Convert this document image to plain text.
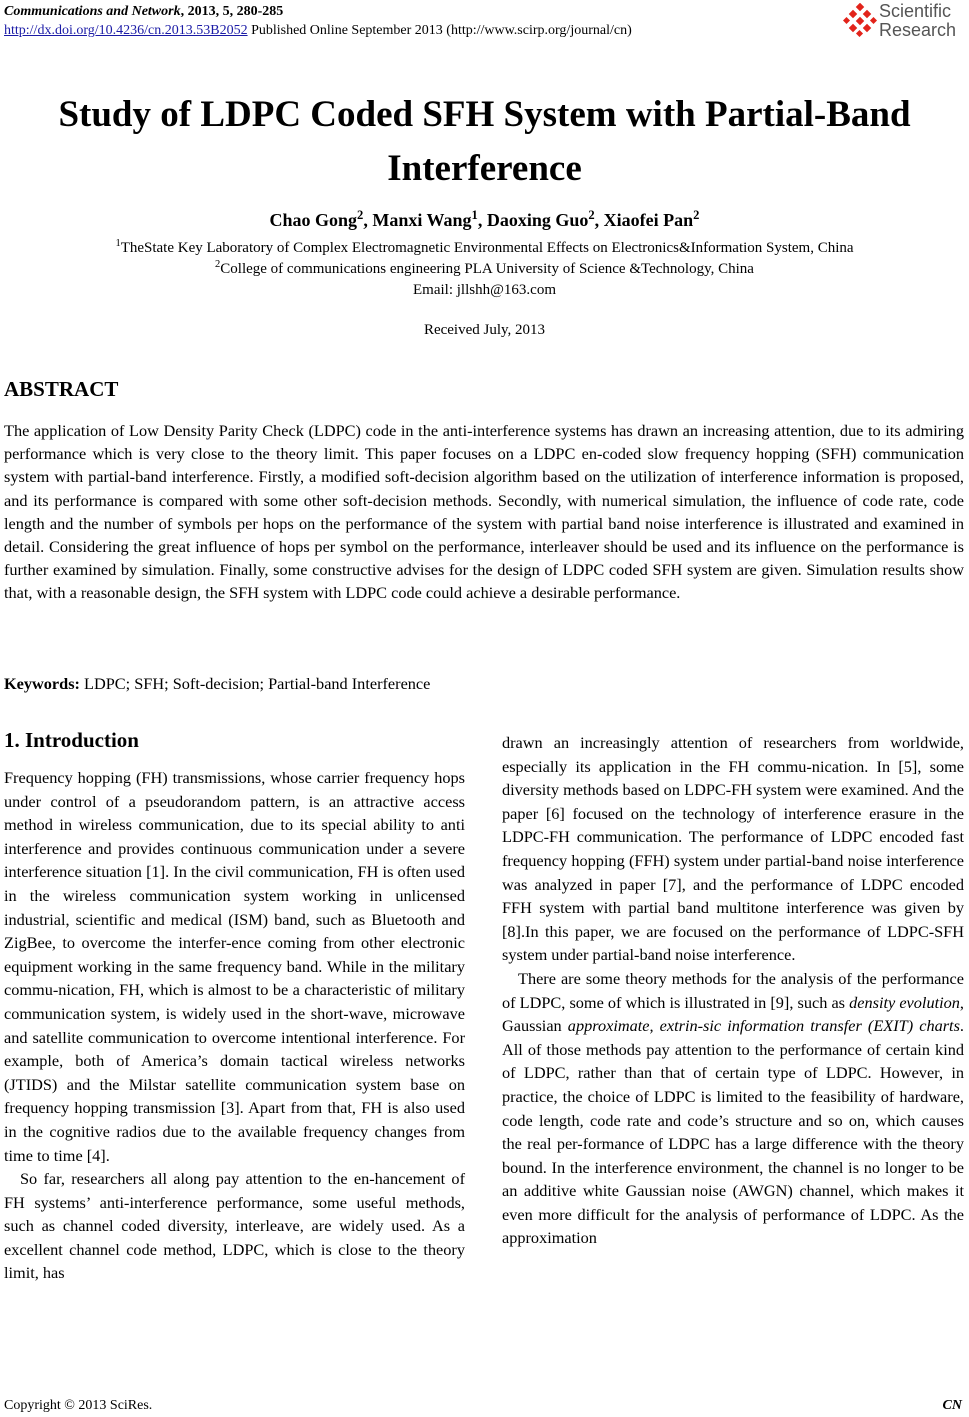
Communications and Network, 2013, 5, 280-285
http://dx.doi.org/10.4236/cn.2013.53B2052 Published Online September 2013 (http://www.scirp.org/journal/cn)
Scientific
Research
Study of LDPC Coded SFH System with Partial-Band
Interference
Chao Gong$^2$, Manxi Wang$^1$, Daoxing Guo$^2$, Xiaofei Pan$^2$
$^1$TheState Key Laboratory of Complex Electromagnetic Environmental Effects on Electronics&Information System, China
$^2$College of communications engineering PLA University of Science &Technology, China
Email: jllshh@163.com
Received July, 2013
ABSTRACT
The application of Low Density Parity Check (LDPC) code in the anti-interference systems has drawn an increasing attention, due to its admiring performance which is very close to the theory limit. This paper focuses on a LDPC en-coded slow frequency hopping (SFH) communication system with partial-band interference. Firstly, a modified soft-decision algorithm based on the utilization of interference information is proposed, and its performance is compared with some other soft-decision methods. Secondly, with numerical simulation, the influence of code rate, code length and the number of symbols per hops on the performance of the system with partial band noise interference is illustrated and examined in detail. Considering the great influence of hops per symbol on the performance, interleaver should be used and its influence on the performance is further examined by simulation. Finally, some constructive advises for the design of LDPC coded SFH system are given. Simulation results show that, with a reasonable design, the SFH system with LDPC code could achieve a desirable performance.
Keywords: LDPC; SFH; Soft-decision; Partial-band Interference
1. Introduction

Frequency hopping (FH) transmissions, whose carrier frequency hops under control of a pseudorandom pattern, is an attractive access method in wireless communication, due to its special ability to anti interference and provides continuous communication under a severe interference situation [1]. In the civil communication, FH is often used in the wireless communication system working in unlicensed industrial, scientific and medical (ISM) band, such as Bluetooth and ZigBee, to overcome the interfer-ence coming from other electronic equipment working in the same frequency band. While in the military commu-nication, FH, which is almost to be a characteristic of military communication system, is widely used in the short-wave, microwave and satellite communication to overcome intentional interference. For example, both of America’s domain tactical wireless networks (JTIDS) and the Milstar satellite communication system base on frequency hopping transmission [3]. Apart from that, FH is also used in the cognitive radios due to the available frequency changes from time to time [4].

So far, researchers all along pay attention to the en-hancement of FH systems’ anti-interference performance, some useful methods, such as channel coded diversity, interleave, are widely used. As a excellent channel code method, LDPC, which is close to the theory limit, has

drawn an increasingly attention of researchers from worldwide, especially its application in the FH commu-nication. In [5], some diversity methods based on LDPC-FH system were examined. And the paper [6] focused on the technology of interference erasure in the LDPC-FH communication. The performance of LDPC encoded fast frequency hopping (FFH) system under partial-band noise interference was analyzed in paper [7], and the performance of LDPC encoded FFH system with partial band multitone interference was given by [8].In this paper, we are focused on the performance of LDPC-SFH system under partial-band noise interference.

There are some theory methods for the analysis of the performance of LDPC, some of which is illustrated in [9], such as density evolution, Gaussian approximate, extrin-sic information transfer (EXIT) charts. All of those methods pay attention to the performance of certain kind of LDPC, rather than that of certain type of LDPC. However, in practice, the choice of LDPC is limited to the feasibility of hardware, code length, code rate and code’s structure and so on, which causes the real per-formance of LDPC has a large difference with the theory bound. In the interference environment, the channel is no longer to be an additive white Gaussian noise (AWGN) channel, which makes it even more difficult for the analysis of performance of LDPC. As the approximation

Copyright © 2013 SciRes.	CN
